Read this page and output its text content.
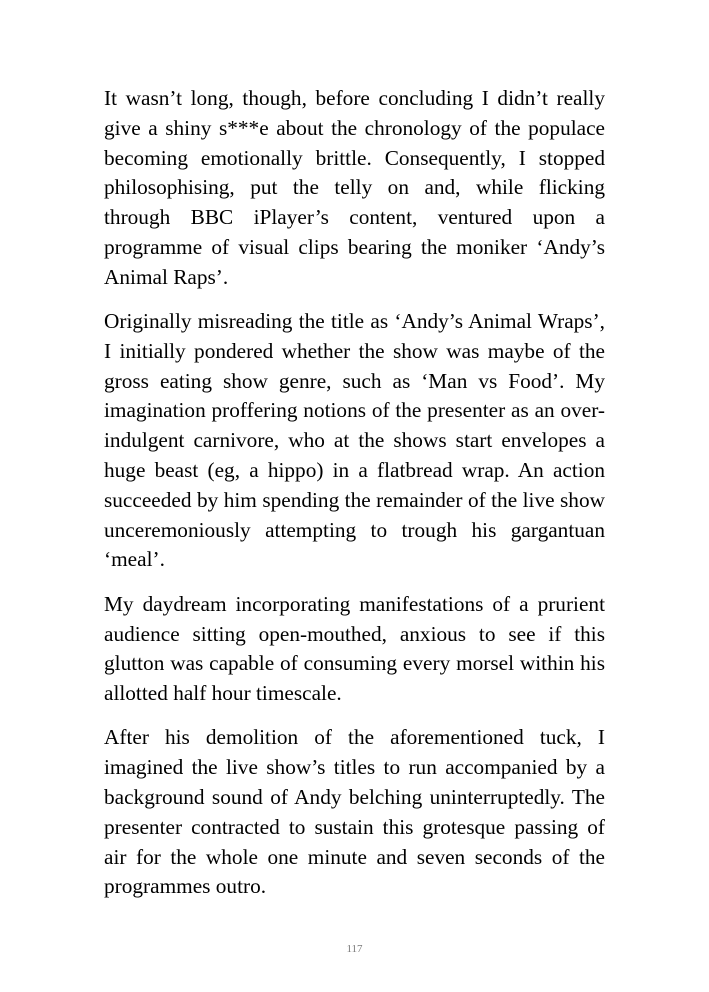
It wasn’t long, though, before concluding I didn’t really give a shiny s***e about the chronology of the populace becoming emotionally brittle. Consequently, I stopped philosophising, put the telly on and, while flicking through BBC iPlayer’s content, ventured upon a programme of visual clips bearing the moniker ‘Andy’s Animal Raps’.

Originally misreading the title as ‘Andy’s Animal Wraps’, I initially pondered whether the show was maybe of the gross eating show genre, such as ‘Man vs Food’. My imagination proffering notions of the presenter as an over-indulgent carnivore, who at the shows start envelopes a huge beast (eg, a hippo) in a flatbread wrap. An action succeeded by him spending the remainder of the live show unceremoniously attempting to trough his gargantuan ‘meal’.

My daydream incorporating manifestations of a prurient audience sitting open-mouthed, anxious to see if this glutton was capable of consuming every morsel within his allotted half hour timescale.

After his demolition of the aforementioned tuck, I imagined the live show’s titles to run accompanied by a background sound of Andy belching uninterruptedly. The presenter contracted to sustain this grotesque passing of air for the whole one minute and seven seconds of the programmes outro.

117
